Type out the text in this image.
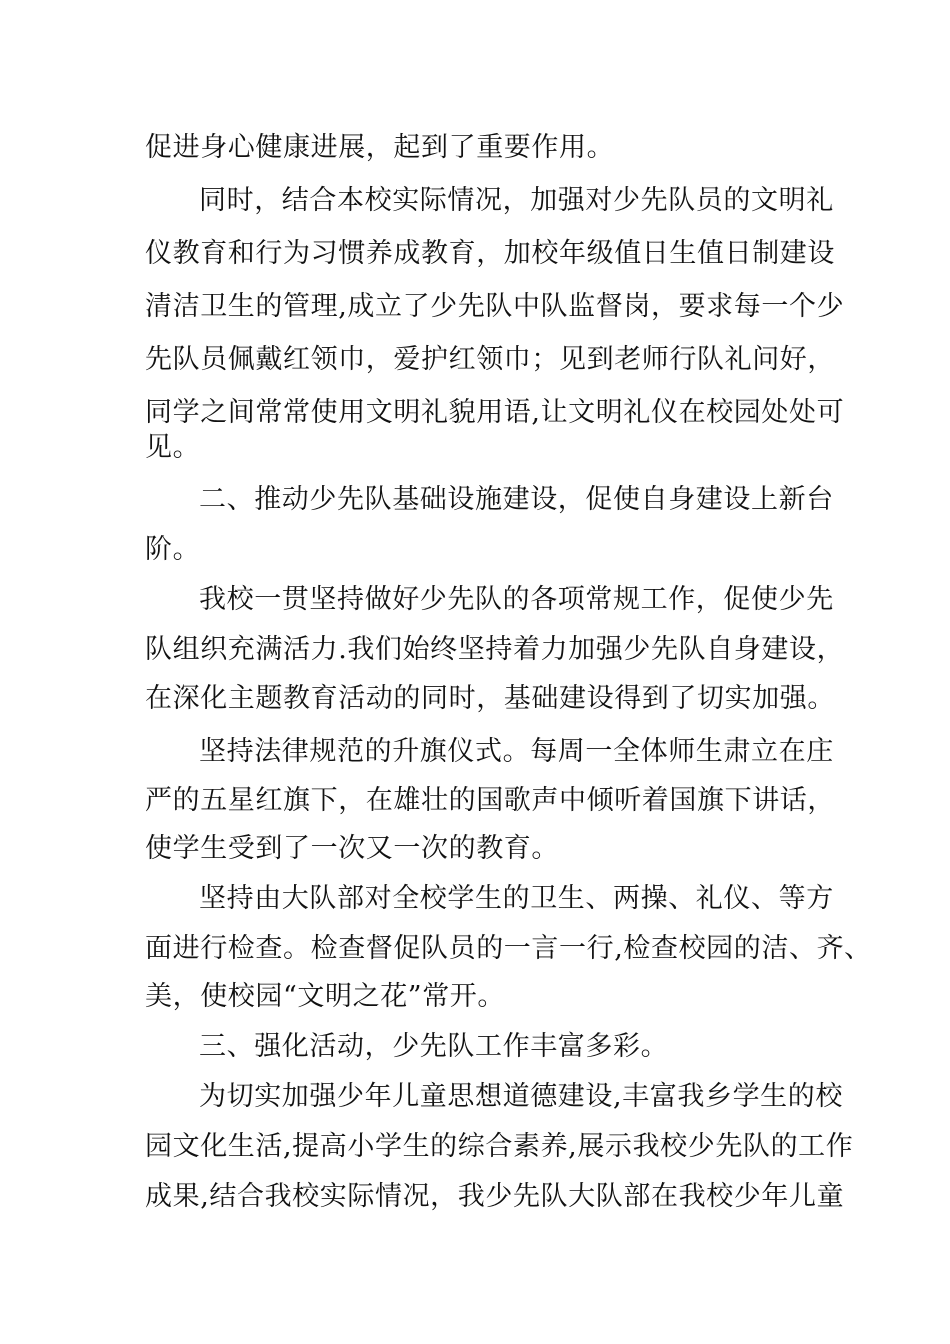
促进身心健康进展，起到了重要作用。
同时，结合本校实际情况，加强对少先队员的文明礼
仪教育和行为习惯养成教育，加校年级值日生值日制建设
清洁卫生的管理,成立了少先队中队监督岗，要求每一个少
先队员佩戴红领巾，爱护红领巾；见到老师行队礼问好，
同学之间常常使用文明礼貌用语,让文明礼仪在校园处处可
见。
二、推动少先队基础设施建设，促使自身建设上新台
阶。
我校一贯坚持做好少先队的各项常规工作，促使少先
队组织充满活力.我们始终坚持着力加强少先队自身建设，
在深化主题教育活动的同时，基础建设得到了切实加强。
坚持法律规范的升旗仪式。每周一全体师生肃立在庄
严的五星红旗下，在雄壮的国歌声中倾听着国旗下讲话，
使学生受到了一次又一次的教育。
坚持由大队部对全校学生的卫生、两操、礼仪、等方
面进行检查。检查督促队员的一言一行,检查校园的洁、齐、
美，使校园“文明之花”常开。
三、强化活动，少先队工作丰富多彩。
为切实加强少年儿童思想道德建设,丰富我乡学生的校
园文化生活,提高小学生的综合素养,展示我校少先队的工作
成果,结合我校实际情况，我少先队大队部在我校少年儿童
